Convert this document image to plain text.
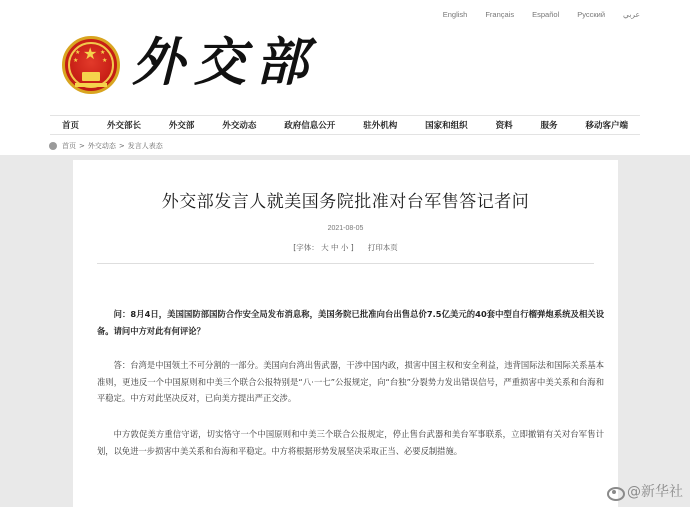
English Français Español Русский عربي
★
★	★
★	★ 外交部
首页	外交部长	外交部	外交动态	政府信息公开	驻外机构	国家和组织	资料	服务	移动客户端
首页 > 外交动态 > 发言人表态
外交部发言人就美国务院批准对台军售答记者问
2021-08-05
[字体： 大 中 小 ] 打印本页

问：8月4日，美国国防部国防合作安全局发布消息称，美国务院已批准向台出售总价7.5亿美元的40套中型自行榴弹炮系统及相关设备。请问中方对此有何评论？

答：台湾是中国领土不可分割的一部分。美国向台湾出售武器，干涉中国内政，损害中国主权和安全利益，违背国际法和国际关系基本准则，更违反一个中国原则和中美三个联合公报特别是“八·一七”公报规定，向“台独”分裂势力发出错误信号，严重损害中美关系和台海和平稳定。中方对此坚决反对，已向美方提出严正交涉。

中方敦促美方重信守诺，切实恪守一个中国原则和中美三个联合公报规定，停止售台武器和美台军事联系，立即撤销有关对台军售计划，以免进一步损害中美关系和台海和平稳定。中方将根据形势发展坚决采取正当、必要反制措施。

@新华社
